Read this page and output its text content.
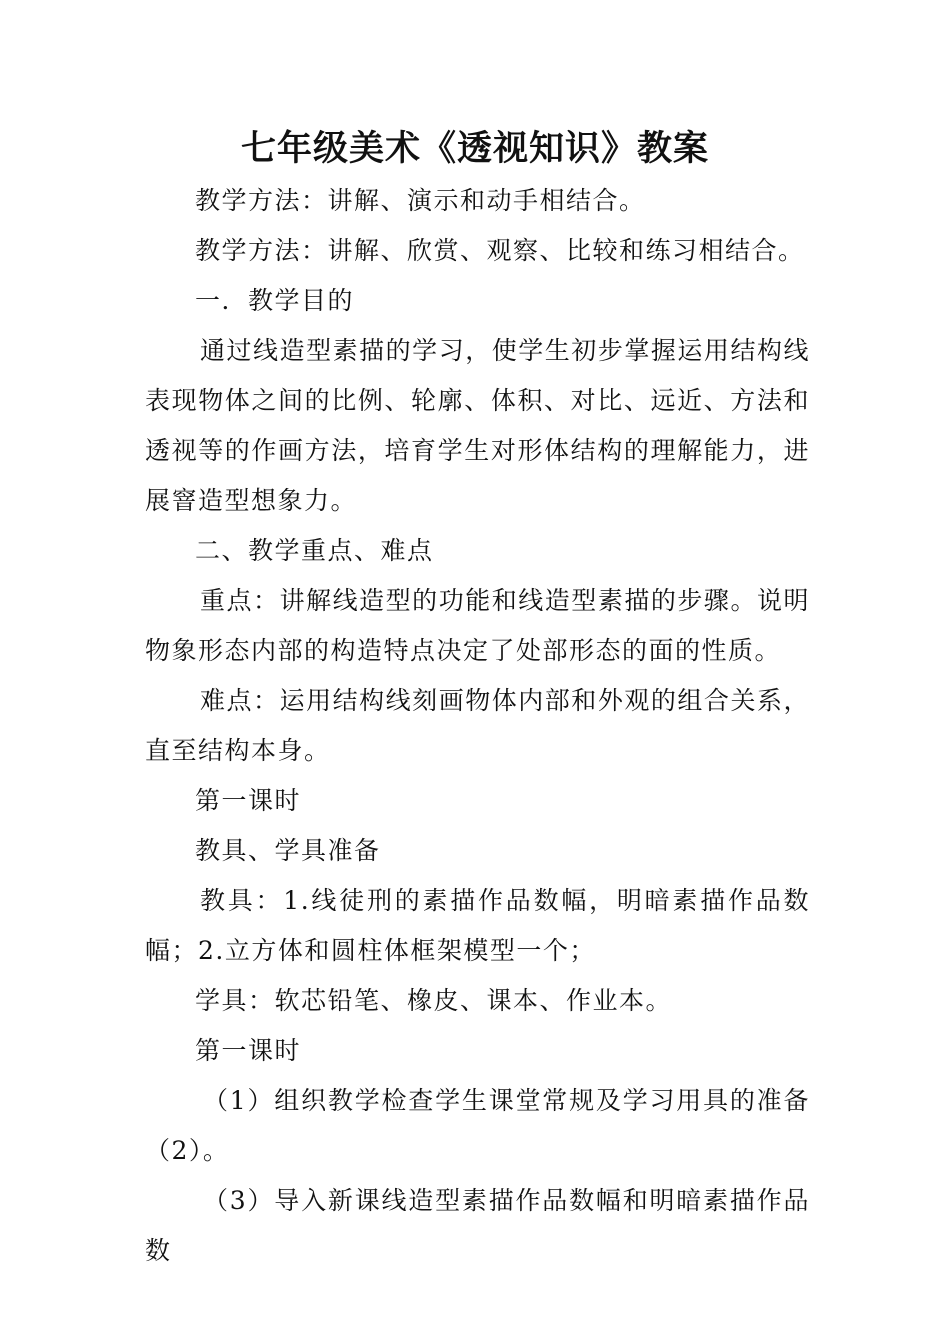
七年级美术《透视知识》教案

教学方法：讲解、演示和动手相结合。

教学方法：讲解、欣赏、观察、比较和练习相结合。

一．教学目的

通过线造型素描的学习，使学生初步掌握运用结构线表现物体之间的比例、轮廓、体积、对比、远近、方法和透视等的作画方法，培育学生对形体结构的理解能力，进展窨造型想象力。

二、教学重点、难点

重点：讲解线造型的功能和线造型素描的步骤。说明物象形态内部的构造特点决定了处部形态的面的性质。

难点：运用结构线刻画物体内部和外观的组合关系，直至结构本身。

第一课时

教具、学具准备

教具：1.线徒刑的素描作品数幅，明暗素描作品数幅；2.立方体和圆柱体框架模型一个；

学具：软芯铅笔、橡皮、课本、作业本。

第一课时

（1）组织教学检查学生课堂常规及学习用具的准备（2）。

（3）导入新课线造型素描作品数幅和明暗素描作品数
